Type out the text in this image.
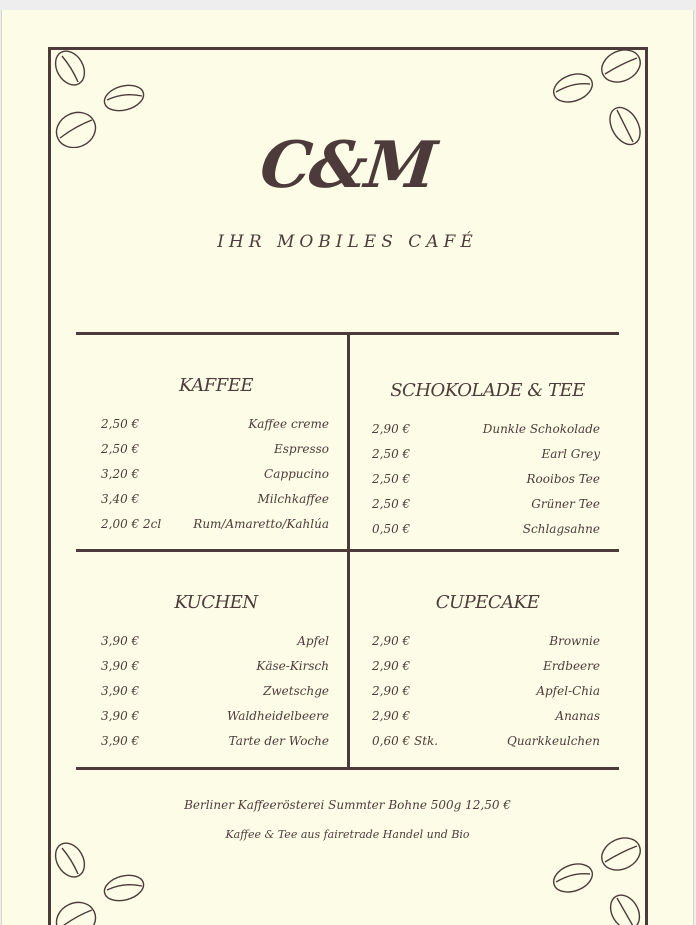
C&M
IHR MOBILES CAFÉ
KAFFEE
2,50 €	Kaffee creme
2,50 €	Espresso
3,20 €	Cappucino
3,40 €	Milchkaffee
2,00 € 2cl	Rum/Amaretto/Kahlúa
SCHOKOLADE & TEE
2,90 €	Dunkle Schokolade
2,50 €	Earl Grey
2,50 €	Rooibos Tee
2,50 €	Grüner Tee
0,50 €	Schlagsahne
KUCHEN
3,90 €	Apfel
3,90 €	Käse-Kirsch
3,90 €	Zwetschge
3,90 €	Waldheidelbeere
3,90 €	Tarte der Woche
CUPECAKE
2,90 €	Brownie
2,90 €	Erdbeere
2,90 €	Apfel-Chia
2,90 €	Ananas
0,60 € Stk.	Quarkkeulchen
Berliner Kaffeerösterei Summter Bohne 500g 12,50 €
Kaffee & Tee aus fairetrade Handel und Bio
